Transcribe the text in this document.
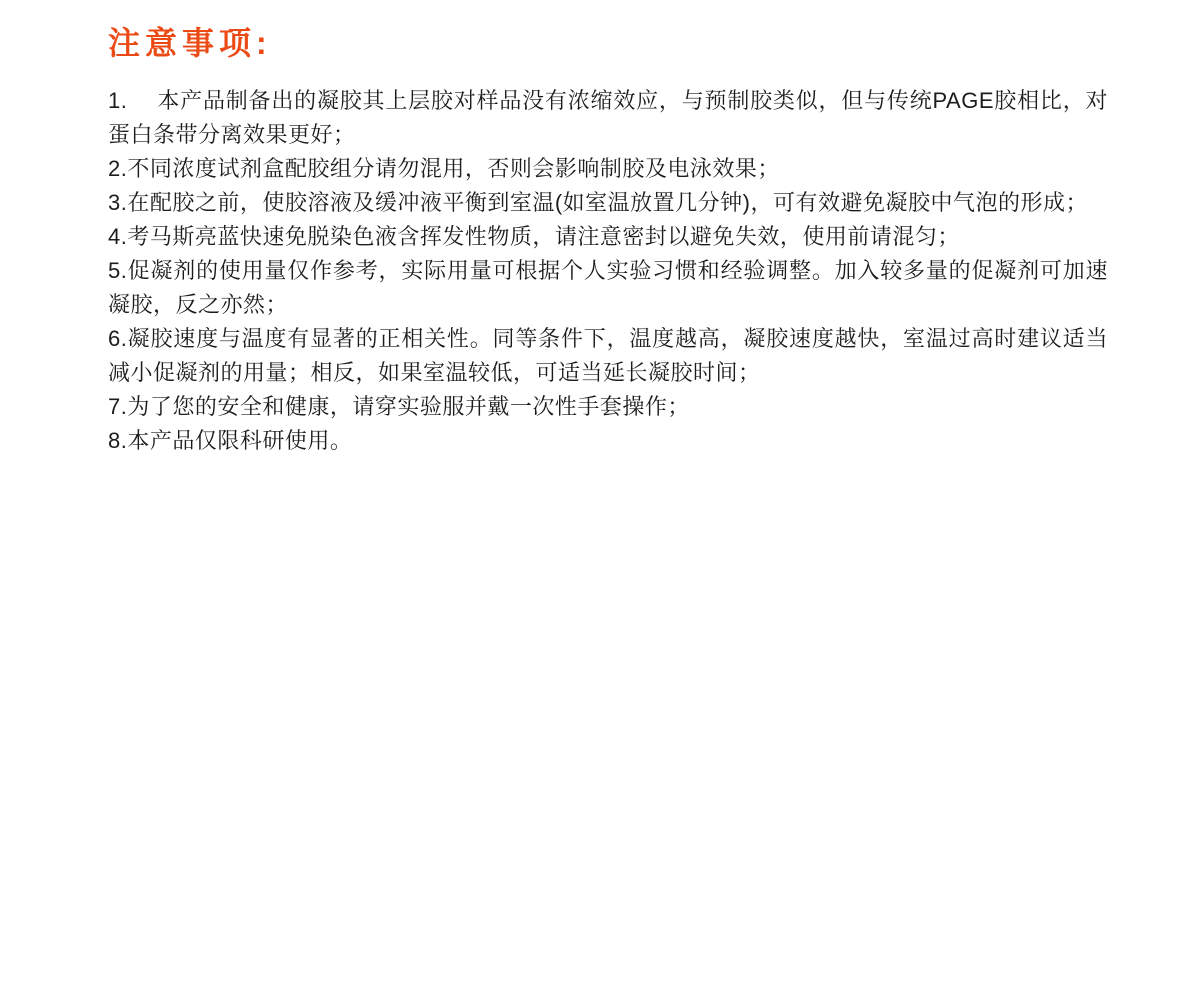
注意事项:

1.　 本产品制备出的凝胶其上层胶对样品没有浓缩效应，与预制胶类似，但与传统PAGE胶相比，对蛋白条带分离效果更好；

2.不同浓度试剂盒配胶组分请勿混用，否则会影响制胶及电泳效果；

3.在配胶之前，使胶溶液及缓冲液平衡到室温(如室温放置几分钟)，可有效避免凝胶中气泡的形成；

4.考马斯亮蓝快速免脱染色液含挥发性物质，请注意密封以避免失效，使用前请混匀；

5.促凝剂的使用量仅作参考，实际用量可根据个人实验习惯和经验调整。加入较多量的促凝剂可加速凝胶，反之亦然；

6.凝胶速度与温度有显著的正相关性。同等条件下，温度越高，凝胶速度越快，室温过高时建议适当减小促凝剂的用量；相反，如果室温较低，可适当延长凝胶时间；

7.为了您的安全和健康，请穿实验服并戴一次性手套操作；

8.本产品仅限科研使用。
